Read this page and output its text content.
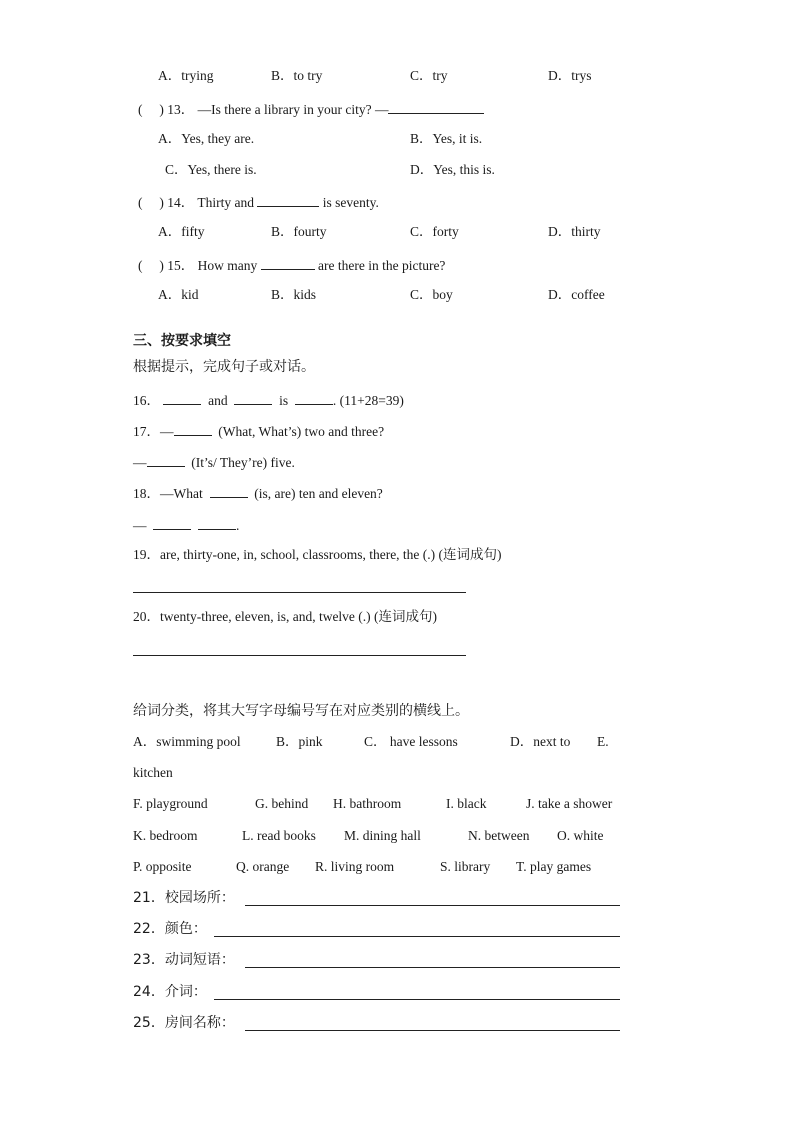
A．trying	B．to try	C．try	D．trys
(　 ) 13． —Is there a library in your city? —
A．Yes, they are.	B．Yes, it is.
C．Yes, there is.	D．Yes, this is.
(　 ) 14． Thirty and	is seventy.
A．fifty	B．fourty	C．forty	D．thirty
(　 ) 15． How many	are there in the picture?
A．kid	B．kids	C．boy	D．coffee
三、按要求填空
根据提示，完成句子或对话。
16．	and	is	. (11+28=39)
17．—	(What, What’s) two and three?
—	(It’s/ They’re) five.
18．—What	(is, are) ten and eleven?
—	.
19．are, thirty-one, in, school, classrooms, there, the (.) (连词成句)
20．twenty-three, eleven, is, and, twelve (.) (连词成句)
给词分类，将其大写字母编号写在对应类别的横线上。
A．swimming pool	B．pink	C． have lessons	D．next to E.
kitchen
F. playground	G. behind H. bathroom	I. black	J. take a shower
K. bedroom	L. read books M. dining hall	N. between O. white
P. opposite	Q. orange R. living room	S. library T. play games
21．校园场所：
22．颜色：
23．动词短语：
24．介词：
25．房间名称：
